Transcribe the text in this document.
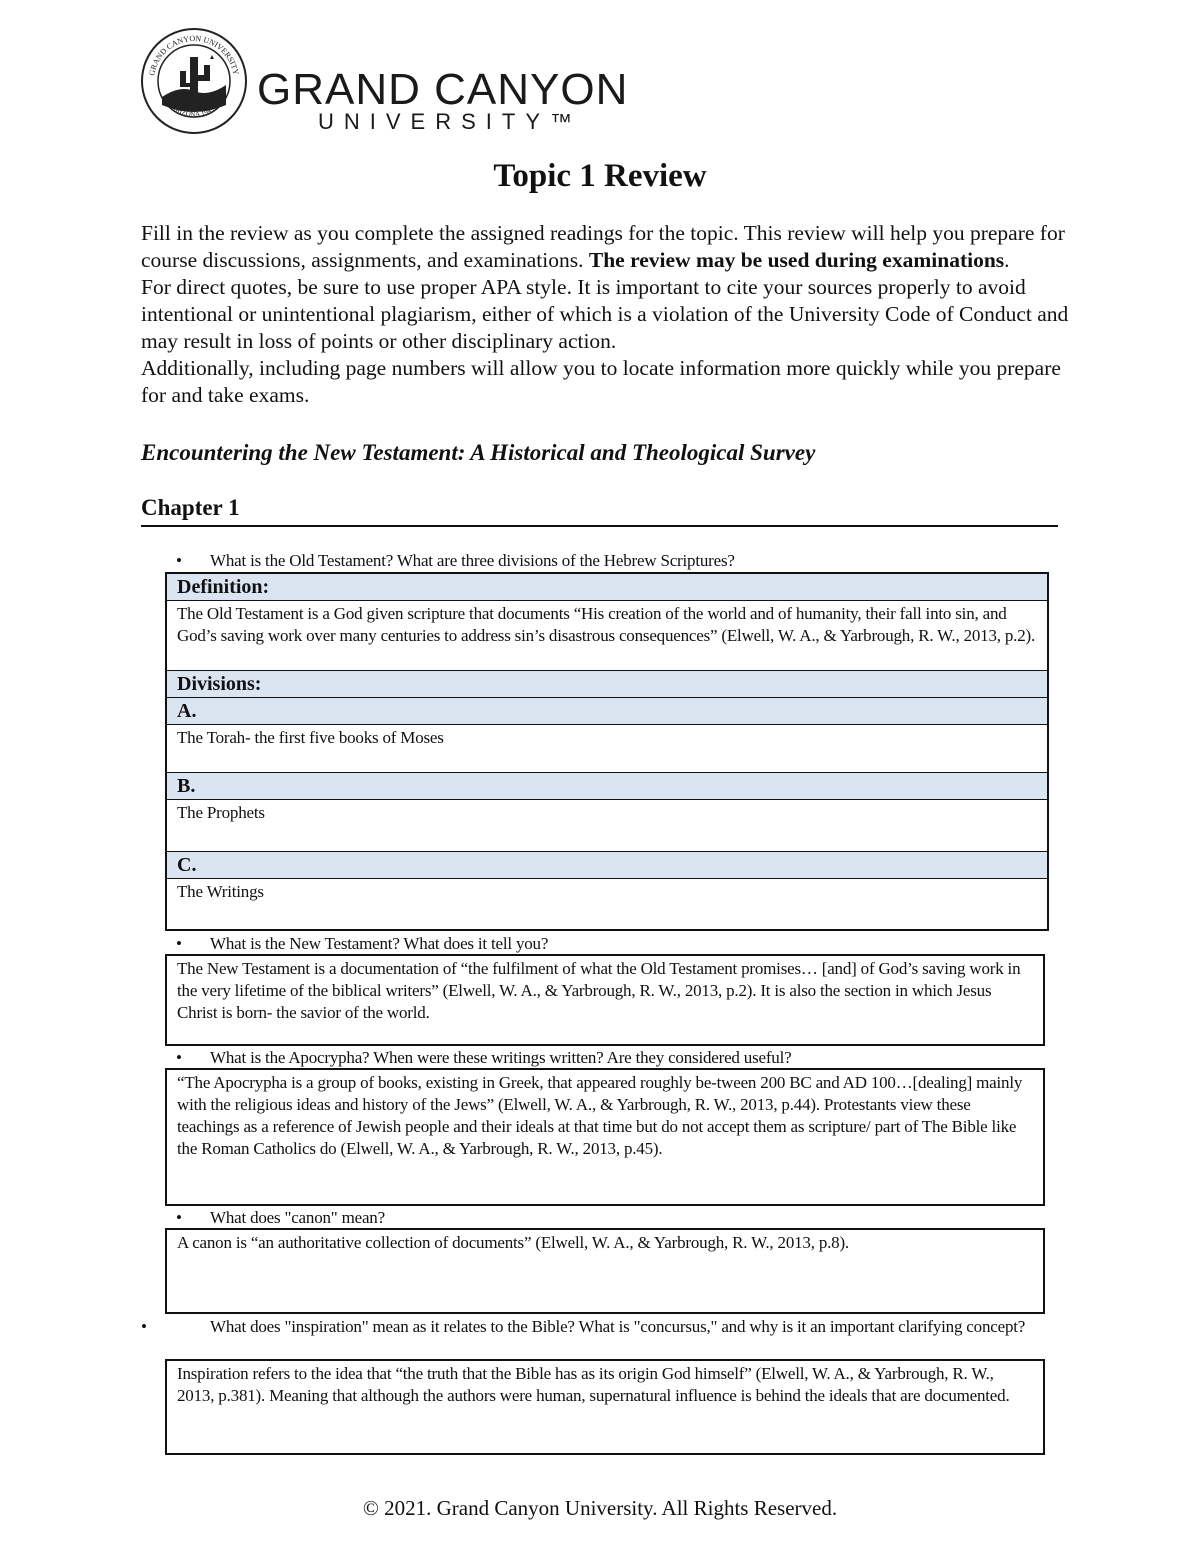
GRAND CANYON UNIVERSITY
ARIZONA 1949 GRAND CANYON
UNIVERSITY™
Topic 1 Review

Fill in the review as you complete the assigned readings for the topic. This review will help you prepare for course discussions, assignments, and examinations. The review may be used during examinations.

For direct quotes, be sure to use proper APA style. It is important to cite your sources properly to avoid intentional or unintentional plagiarism, either of which is a violation of the University Code of Conduct and may result in loss of points or other disciplinary action.

Additionally, including page numbers will allow you to locate information more quickly while you prepare for and take exams.

Encountering the New Testament: A Historical and Theological Survey
Chapter 1
• What is the Old Testament? What are three divisions of the Hebrew Scriptures?
Definition:
The Old Testament is a God given scripture that documents “His creation of the world and of humanity, their fall into sin, and God’s saving work over many centuries to address sin’s disastrous consequences” (Elwell, W. A., & Yarbrough, R. W., 2013, p.2).
Divisions:
A.
The Torah- the first five books of Moses
B.
The Prophets
C.
The Writings
• What is the New Testament? What does it tell you?
The New Testament is a documentation of “the fulfilment of what the Old Testament promises… [and] of God’s saving work in the very lifetime of the biblical writers” (Elwell, W. A., & Yarbrough, R. W., 2013, p.2). It is also the section in which Jesus Christ is born- the savior of the world.
• What is the Apocrypha? When were these writings written? Are they considered useful?
“The Apocrypha is a group of books, existing in Greek, that appeared roughly be-tween 200 BC and AD 100…[dealing] mainly with the religious ideas and history of the Jews” (Elwell, W. A., & Yarbrough, R. W., 2013, p.44). Protestants view these teachings as a reference of Jewish people and their ideals at that time but do not accept them as scripture/ part of The Bible like the Roman Catholics do (Elwell, W. A., & Yarbrough, R. W., 2013, p.45).
• What does "canon" mean?
A canon is “an authoritative collection of documents” (Elwell, W. A., & Yarbrough, R. W., 2013, p.8).
•	What does "inspiration" mean as it relates to the Bible? What is "concursus," and why is it an important clarifying concept?
Inspiration refers to the idea that “the truth that the Bible has as its origin God himself” (Elwell, W. A., & Yarbrough, R. W., 2013, p.381). Meaning that although the authors were human, supernatural influence is behind the ideals that are documented.
© 2021. Grand Canyon University. All Rights Reserved.
